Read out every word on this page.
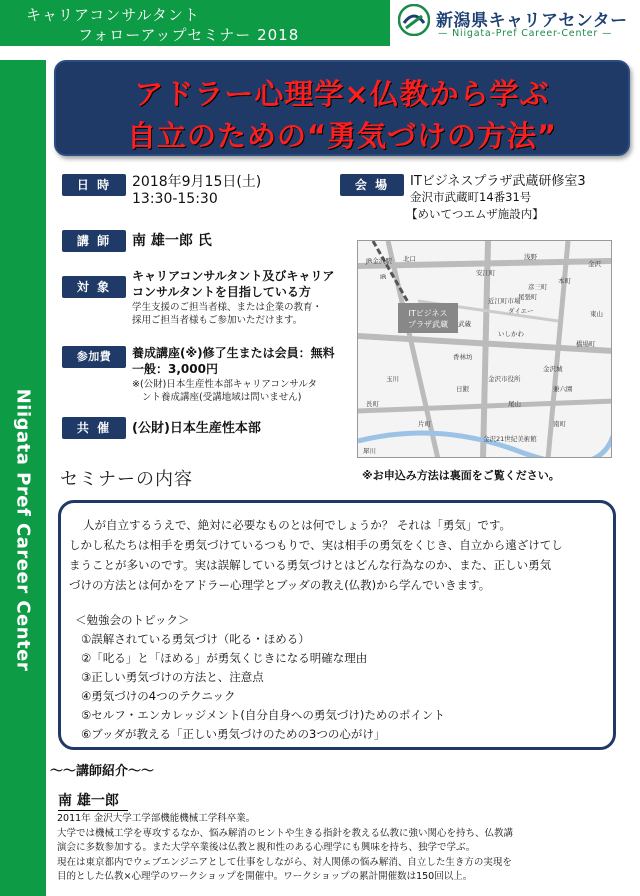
キャリアコンサルタント
フォローアップセミナー 2018
新潟県キャリアセンター
— Niigata-Pref Career-Center —
Niigata Pref Career Center
アドラー心理学×仏教から学ぶ
自立のための“勇気づけの方法”
日 時	2018年9月15日(土)
13:30-15:30
会 場	ITビジネスプラザ武蔵研修室3
金沢市武蔵町14番31号
【めいてつエムザ施設内】
講 師	南 雄一郎 氏
対 象
キャリアコンサルタント及びキャリア
コンサルタントを目指している方
学生支援のご担当者様、または企業の教育・
採用ご担当者様もご参加いただけます。
参加費	養成講座(※)修了生または会員：無料
一般：3,000円
※(公財)日本生産性本部キャリアコンサルタ
ント養成講座(受講地域は問いません)
共 催	(公財)日本生産性本部
ITビジネス
プラザ武蔵
JR金沢駅 北口
IR	安江町
尾張町
彦三町
浅野
金沢
近江町市場
武蔵
ダイエー	東山
橋場町
香林坊
金沢市役所
玉川
兼六園
尾山
いしかわ
金沢城
片町
犀川
金沢21世紀美術館
南町
本町
長町
日銀
セミナーの内容	※お申込み方法は裏面をご覧ください。
人が自立するうえで、絶対に必要なものとは何でしょうか？ それは「勇気」です。
しかし私たちは相手を勇気づけているつもりで、実は相手の勇気をくじき、自立から遠ざけてし
まうことが多いのです。実は誤解している勇気づけとはどんな行為なのか、また、正しい勇気
づけの方法とは何かをアドラー心理学とブッダの教え(仏教)から学んでいきます。
＜勉強会のトピック＞
①誤解されている勇気づけ（叱る・ほめる）
②「叱る」と「ほめる」が勇気くじきになる明確な理由
③正しい勇気づけの方法と、注意点
④勇気づけの4つのテクニック
⑤セルフ・エンカレッジメント(自分自身への勇気づけ)ためのポイント
⑥ブッダが教える「正しい勇気づけのための3つの心がけ」
～～講師紹介～～
南 雄一郎
2011年 金沢大学工学部機能機械工学科卒業。
大学では機械工学を専攻するなか、悩み解消のヒントや生きる指針を教える仏教に強い関心を持ち、仏教講
演会に多数参加する。また大学卒業後は仏教と親和性のある心理学にも興味を持ち、独学で学ぶ。
現在は東京都内でウェブエンジニアとして仕事をしながら、対人関係の悩み解消、自立した生き方の実現を
目的とした仏教×心理学のワークショップを開催中。ワークショップの累計開催数は150回以上。
